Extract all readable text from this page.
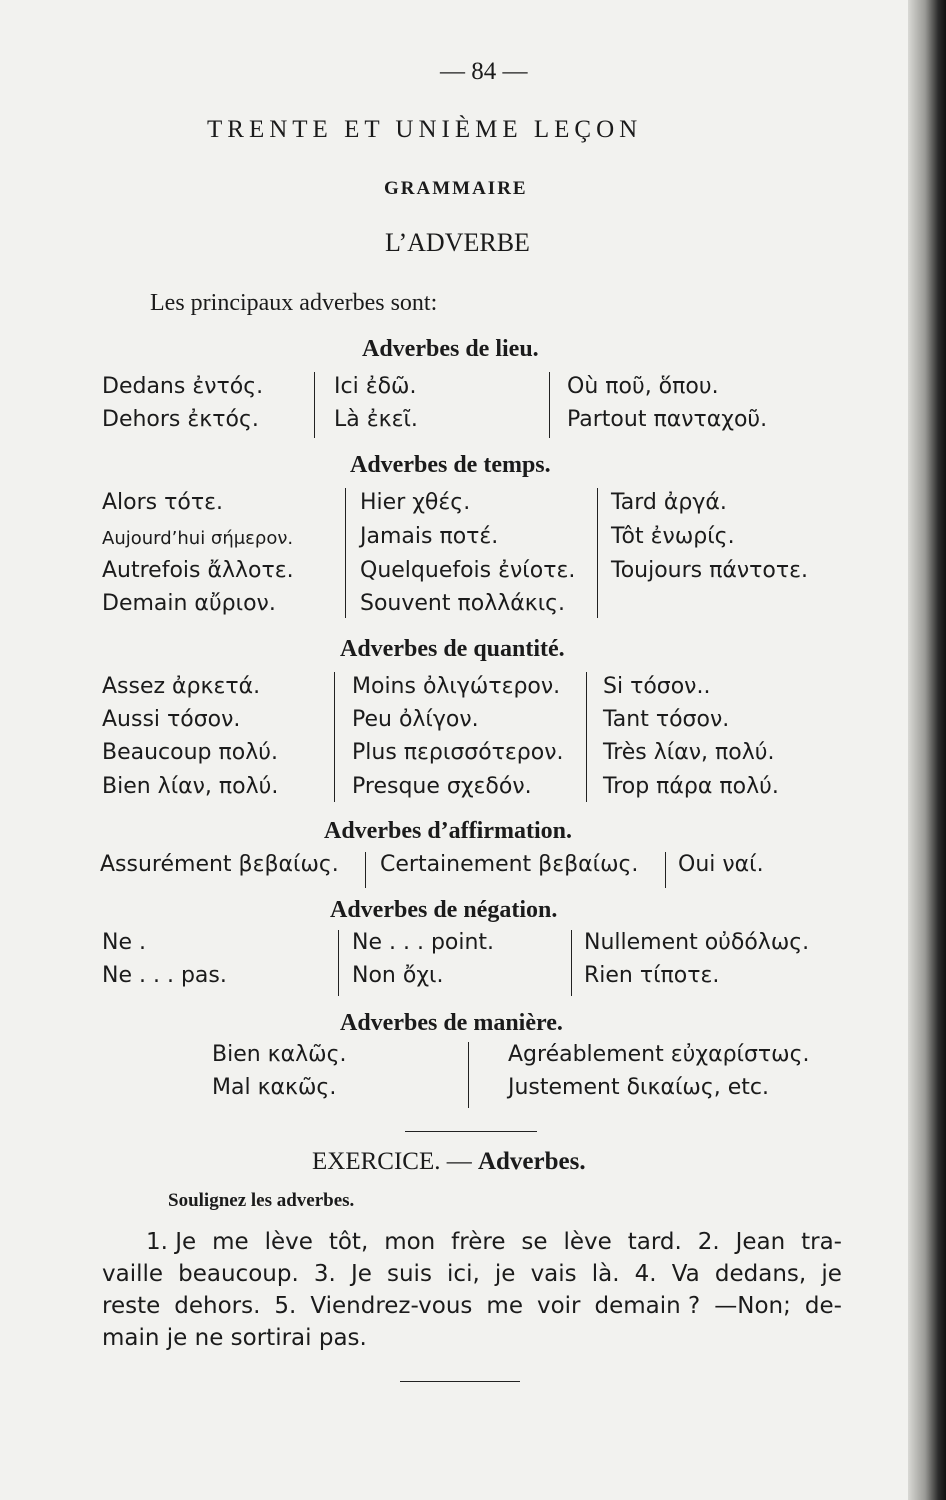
— 84 —
TRENTE ET UNIÈME LEÇON
GRAMMAIRE
L’ADVERBE
Les principaux adverbes sont:
Adverbes de lieu.
Dedans ἐντός.
Dehors ἐκτός.
Ici ἐδῶ.
Là ἐκεῖ.
Où ποῦ, ὅπου.
Partout πανταχοῦ.
Adverbes de temps.
Alors τότε.
Aujourd’hui σήμερον.
Autrefois ἄλλοτε.
Demain αὔριον.
Hier χθές.
Jamais ποτέ.
Quelquefois ἐνίοτε.
Souvent πολλάκις.
Tard ἀργά.
Tôt ἐνωρίς.
Toujours πάντοτε.
Adverbes de quantité.
Assez ἀρκετά.
Aussi τόσον.
Beaucoup πολύ.
Bien λίαν, πολύ.
Moins ὀλιγώτερον.
Peu ὀλίγον.
Plus περισσότερον.
Presque σχεδόν.
Si τόσον..
Tant τόσον.
Très λίαν, πολύ.
Trop πάρα πολύ.
Adverbes d’affirmation.
Assurément βεβαίως. Certainement βεβαίως. Oui ναί.
Adverbes de négation.
Ne .
Ne . . . pas.
Ne . . . point.
Non ὄχι.
Nullement οὐδόλως.
Rien τίποτε.
Adverbes de manière.
Bien καλῶς.
Mal κακῶς.
Agréablement εὐχαρίστως.
Justement δικαίως, etc.
EXERCICE. — Adverbes.
Soulignez les adverbes.
1. Je me lève tôt, mon frère se lève tard. 2. Jean tra-
vaille beaucoup. 3. Je suis ici, je vais là. 4. Va dedans, je
reste dehors. 5. Viendrez-vous me voir demain ? —Non; de-
main je ne sortirai pas.
